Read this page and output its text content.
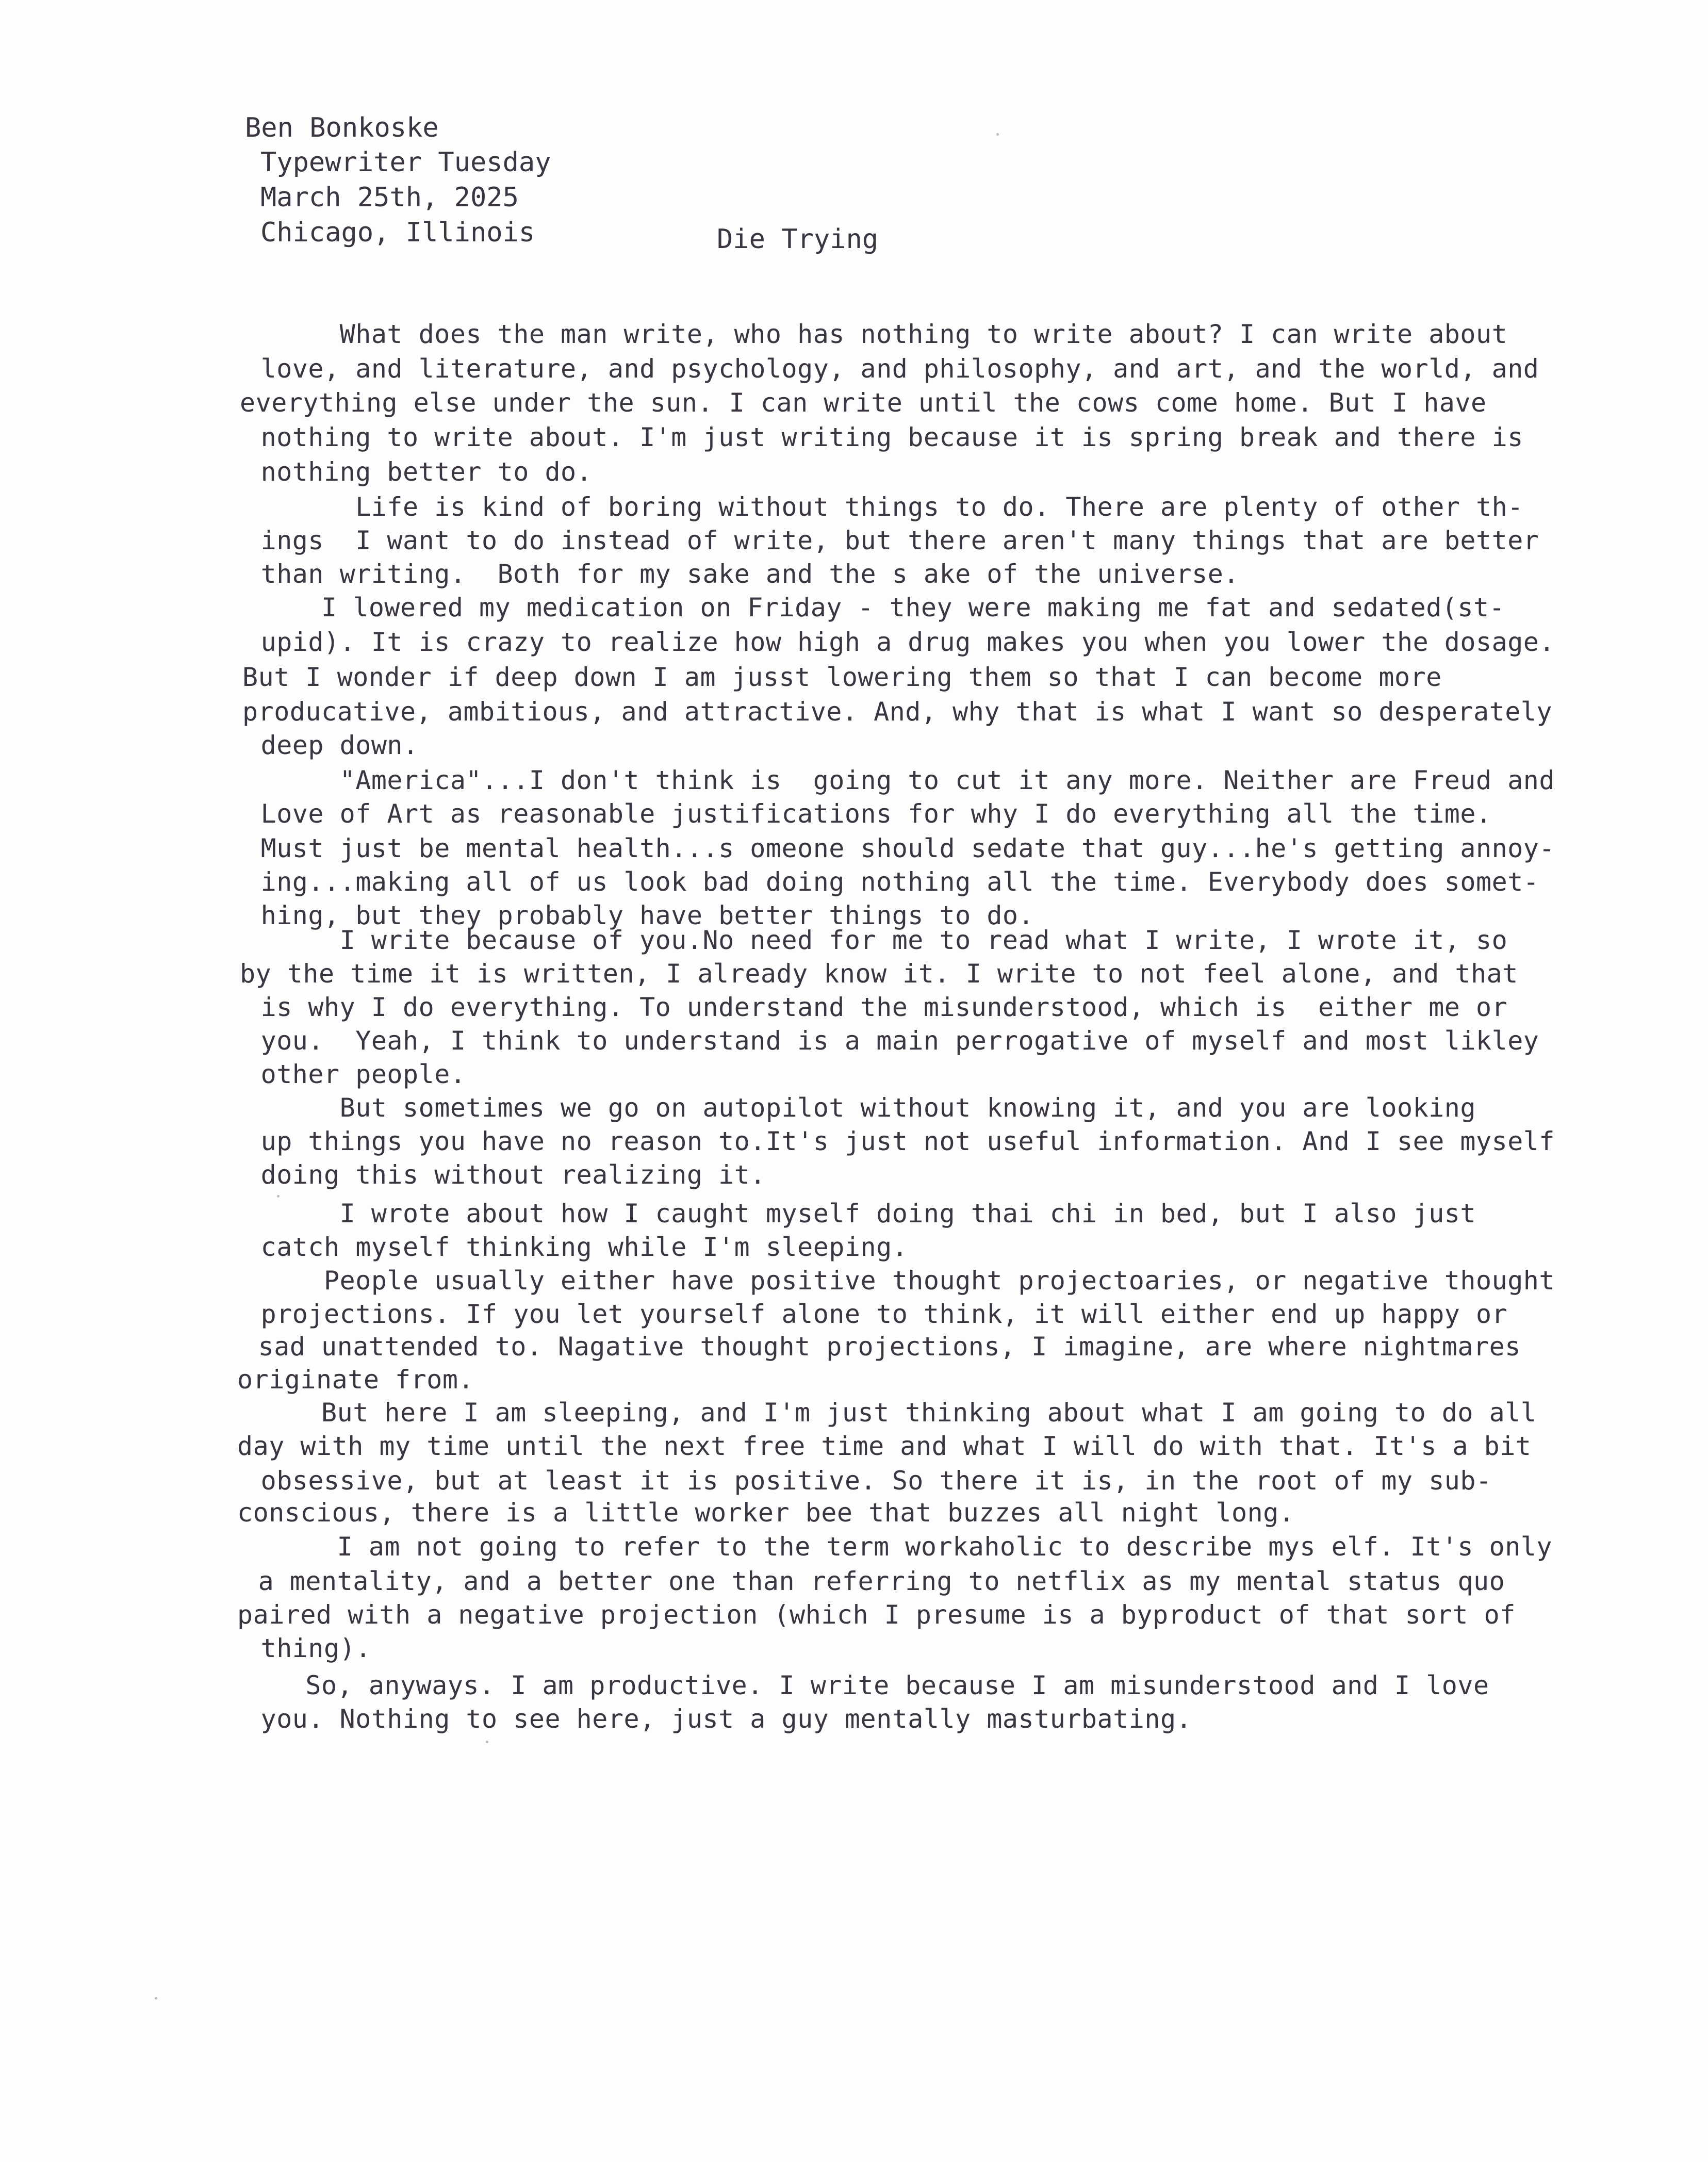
Ben Bonkoske
Typewriter Tuesday
March 25th, 2025
Chicago, Illinois	Die Trying
What does the man write, who has nothing to write about? I can write about
love, and literature, and psychology, and philosophy, and art, and the world, and
everything else under the sun. I can write until the cows come home. But I have
nothing to write about. I'm just writing because it is spring break and there is
nothing better to do.
Life is kind of boring without things to do. There are plenty of other th-
ings  I want to do instead of write, but there aren't many things that are better
than writing.  Both for my sake and the s ake of the universe.
I lowered my medication on Friday - they were making me fat and sedated(st-
upid). It is crazy to realize how high a drug makes you when you lower the dosage.
But I wonder if deep down I am jusst lowering them so that I can become more
producative, ambitious, and attractive. And, why that is what I want so desperately
deep down.
"America"...I don't think is  going to cut it any more. Neither are Freud and
Love of Art as reasonable justifications for why I do everything all the time.
Must just be mental health...s omeone should sedate that guy...he's getting annoy-
ing...making all of us look bad doing nothing all the time. Everybody does somet-
hing, but they probably have better things to do.
I write because of you.No need for me to read what I write, I wrote it, so
by the time it is written, I already know it. I write to not feel alone, and that
is why I do everything. To understand the misunderstood, which is  either me or
you.  Yeah, I think to understand is a main perrogative of myself and most likley
other people.
But sometimes we go on autopilot without knowing it, and you are looking
up things you have no reason to.It's just not useful information. And I see myself
doing this without realizing it.
I wrote about how I caught myself doing thai chi in bed, but I also just
catch myself thinking while I'm sleeping.
People usually either have positive thought projectoaries, or negative thought
projections. If you let yourself alone to think, it will either end up happy or
sad unattended to. Nagative thought projections, I imagine, are where nightmares
originate from.
But here I am sleeping, and I'm just thinking about what I am going to do all
day with my time until the next free time and what I will do with that. It's a bit
obsessive, but at least it is positive. So there it is, in the root of my sub-
conscious, there is a little worker bee that buzzes all night long.
I am not going to refer to the term workaholic to describe mys elf. It's only
a mentality, and a better one than referring to netflix as my mental status quo
paired with a negative projection (which I presume is a byproduct of that sort of
thing).
So, anyways. I am productive. I write because I am misunderstood and I love
you. Nothing to see here, just a guy mentally masturbating.
